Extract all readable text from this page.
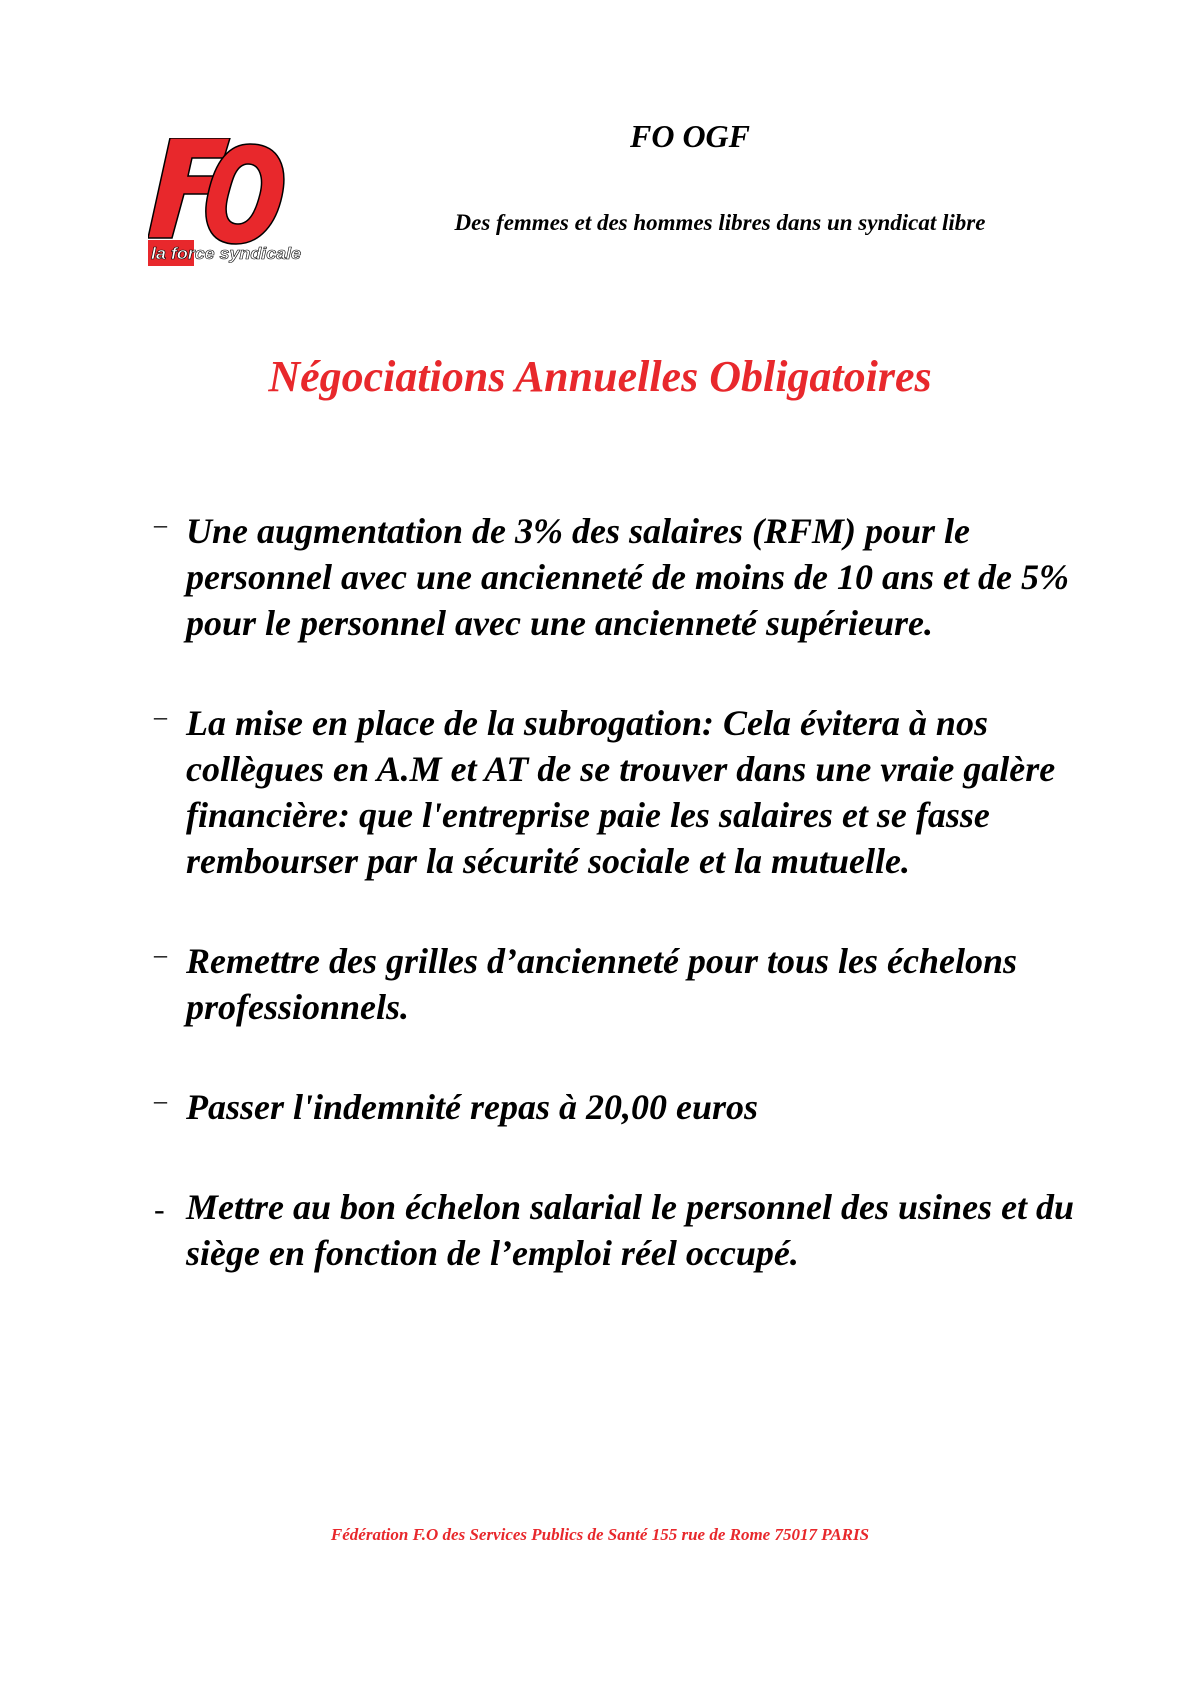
la force syndicale
FO OGF
Des femmes et des hommes libres dans un syndicat libre
Négociations Annuelles Obligatoires
– Une augmentation de 3% des salaires (RFM) pour le personnel avec une ancienneté de moins de 10 ans et de 5% pour le personnel avec une ancienneté supérieure.
– La mise en place de la subrogation: Cela évitera à nos collègues en A.M et AT de se trouver dans une vraie galère financière: que l'entreprise paie les salaires et se fasse rembourser par la sécurité sociale et la mutuelle.
– Remettre des grilles d’ancienneté pour tous les échelons professionnels.
– Passer l'indemnité repas à 20,00 euros
- Mettre au bon échelon salarial le personnel des usines et du siège en fonction de l’emploi réel occupé.
Fédération F.O des Services Publics de Santé 155 rue de Rome 75017 PARIS
